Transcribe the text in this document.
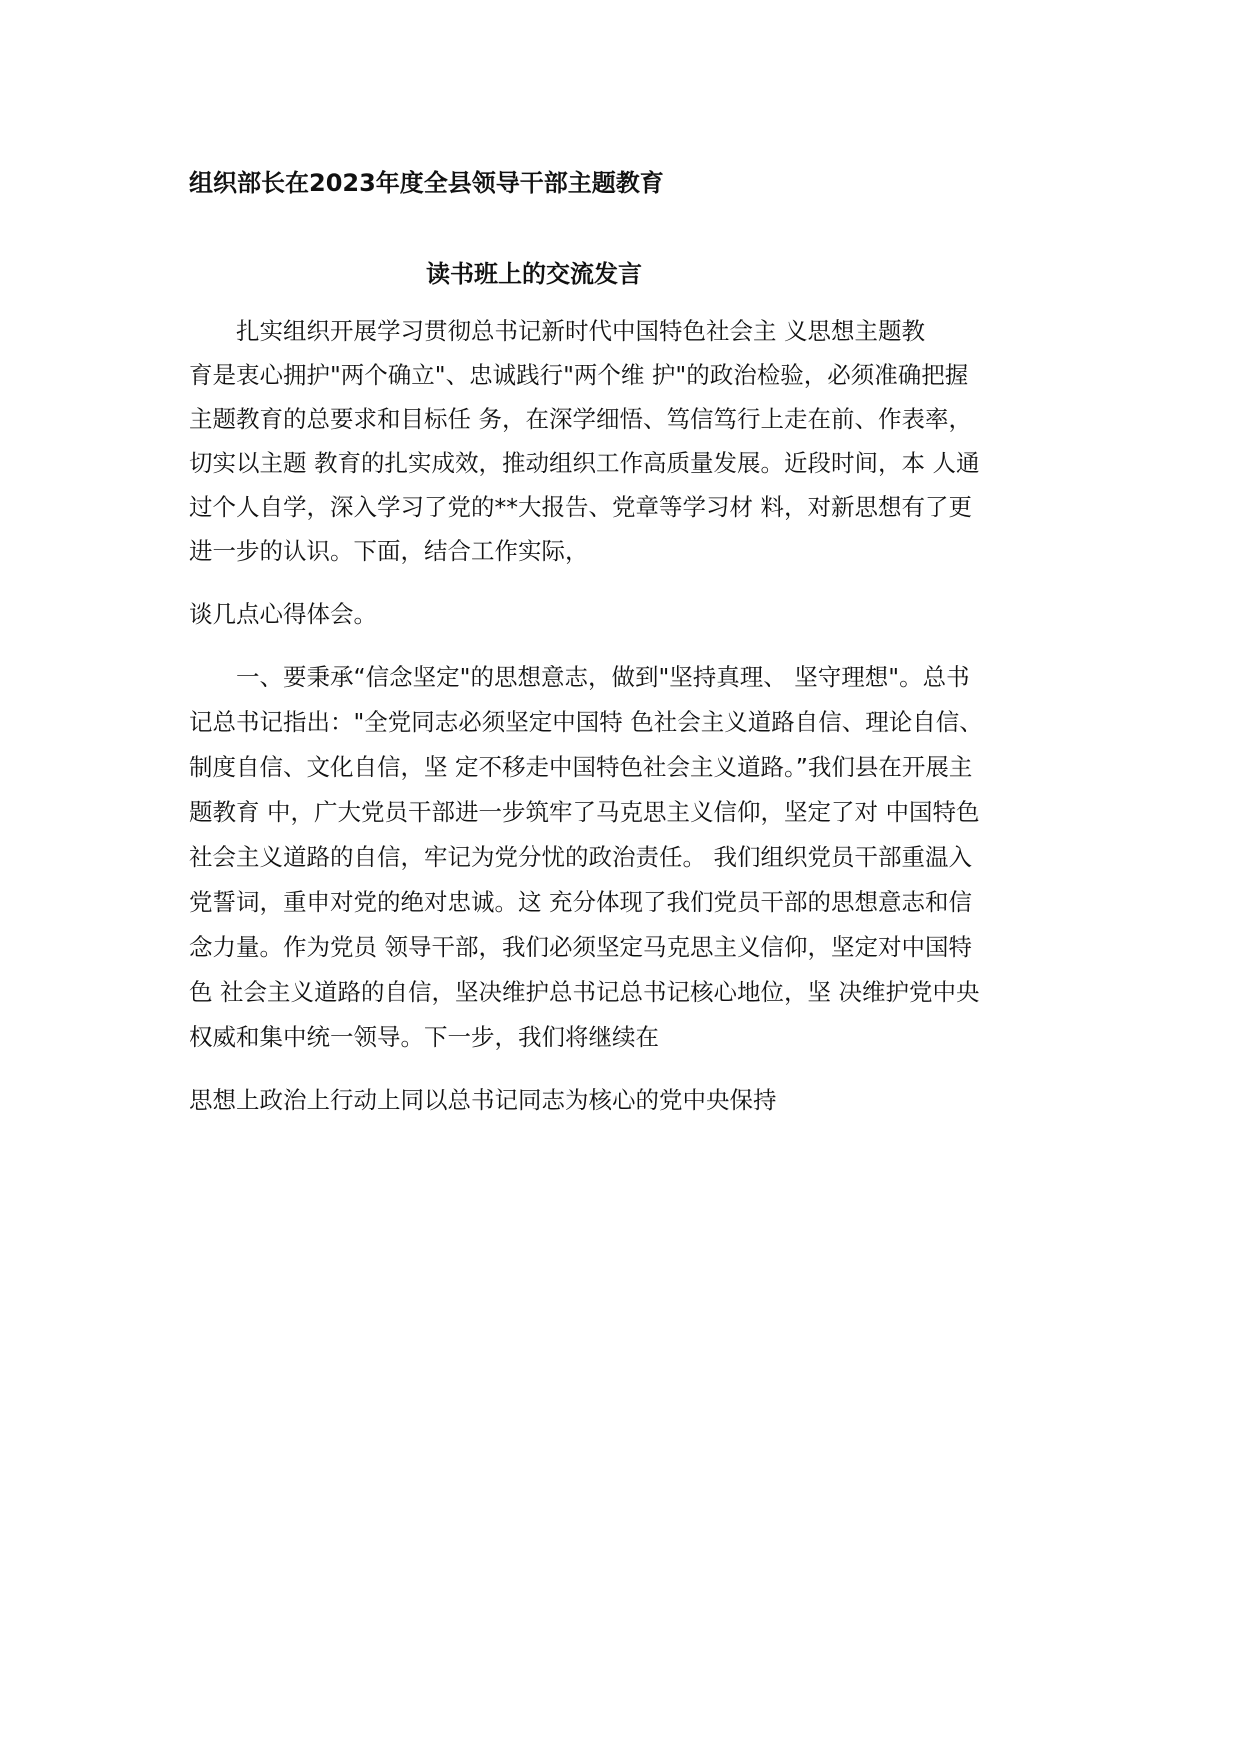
组织部长在2023年度全县领导干部主题教育
读书班上的交流发言
　　扎实组织开展学习贯彻总书记新时代中国特色社会主 义思想主题教
育是衷心拥护"两个确立"、忠诚践行"两个维 护"的政治检验，必须准确把握
主题教育的总要求和目标任 务，在深学细悟、笃信笃行上走在前、作表率，
切实以主题 教育的扎实成效，推动组织工作高质量发展。近段时间，本 人通
过个人自学，深入学习了党的**大报告、党章等学习材 料，对新思想有了更
进一步的认识。下面，结合工作实际，
谈几点心得体会。
　　一、要秉承“信念坚定"的思想意志，做到"坚持真理、 坚守理想"。总书
记总书记指出："全党同志必须坚定中国特 色社会主义道路自信、理论自信、
制度自信、文化自信，坚 定不移走中国特色社会主义道路。”我们县在开展主
题教育 中，广大党员干部进一步筑牢了马克思主义信仰，坚定了对 中国特色
社会主义道路的自信，牢记为党分忧的政治责任。 我们组织党员干部重温入
党誓词，重申对党的绝对忠诚。这 充分体现了我们党员干部的思想意志和信
念力量。作为党员 领导干部，我们必须坚定马克思主义信仰，坚定对中国特
色 社会主义道路的自信，坚决维护总书记总书记核心地位，坚 决维护党中央
权威和集中统一领导。下一步，我们将继续在
思想上政治上行动上同以总书记同志为核心的党中央保持
